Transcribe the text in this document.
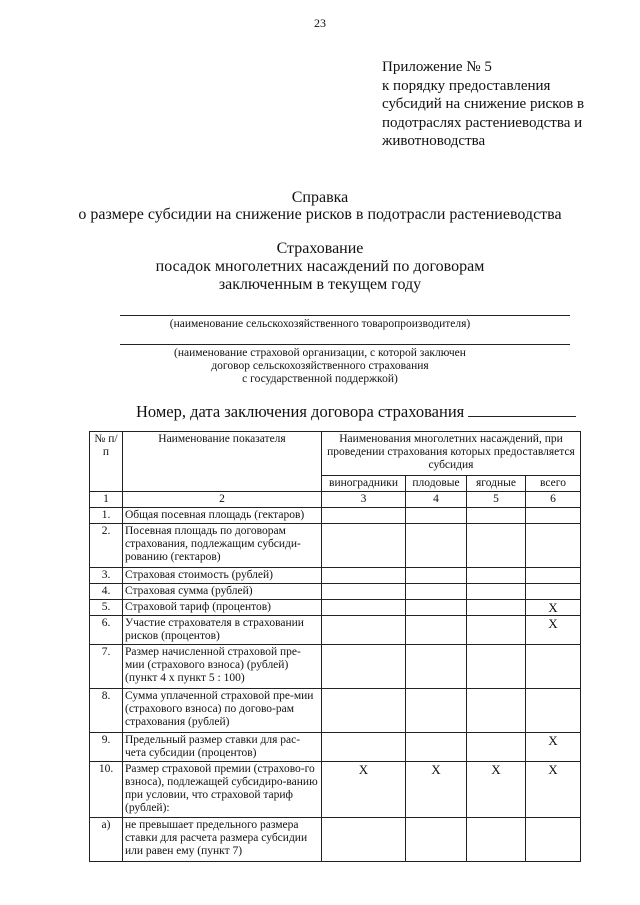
23
Приложение № 5
к порядку предоставления
субсидий на снижение рисков в
подотраслях растениеводства и
животноводства
Справка
о размере субсидии на снижение рисков в подотрасли растениеводства
Страхование
посадок многолетних насаждений по договорам
заключенным в текущем году
(наименование сельскохозяйственного товаропроизводителя)
(наименование страховой организации, с которой заключен
договор сельскохозяйственного страхования
с государственной поддержкой)
Номер, дата заключения договора страхования
№ п/п	Наименование показателя	Наименования многолетних насаждений, при проведении страхования которых предоставляется субсидия			
		виноградники	плодовые	ягодные	всего
1	2	3	4	5	6
1.	Общая посевная площадь (гектаров)				
2.	Посевная площадь по договорам страхования, подлежащим субсиди-рованию (гектаров)				
3.	Страховая стоимость (рублей)				
4.	Страховая сумма (рублей)				
5.	Страховой тариф (процентов)				X
6.	Участие страхователя в страховании рисков (процентов)				X
7.	Размер начисленной страховой пре-мии (страхового взноса) (рублей) (пункт 4 х пункт 5 : 100)				
8.	Сумма уплаченной страховой пре-мии (страхового взноса) по догово-рам страхования (рублей)				
9.	Предельный размер ставки для рас-чета субсидии (процентов)				X
10.	Размер страховой премии (страхово-го взноса), подлежащей субсидиро-ванию при условии, что страховой тариф (рублей):	X	X	X	X
а)	не превышает предельного размера ставки для расчета размера субсидии или равен ему (пункт 7)				
